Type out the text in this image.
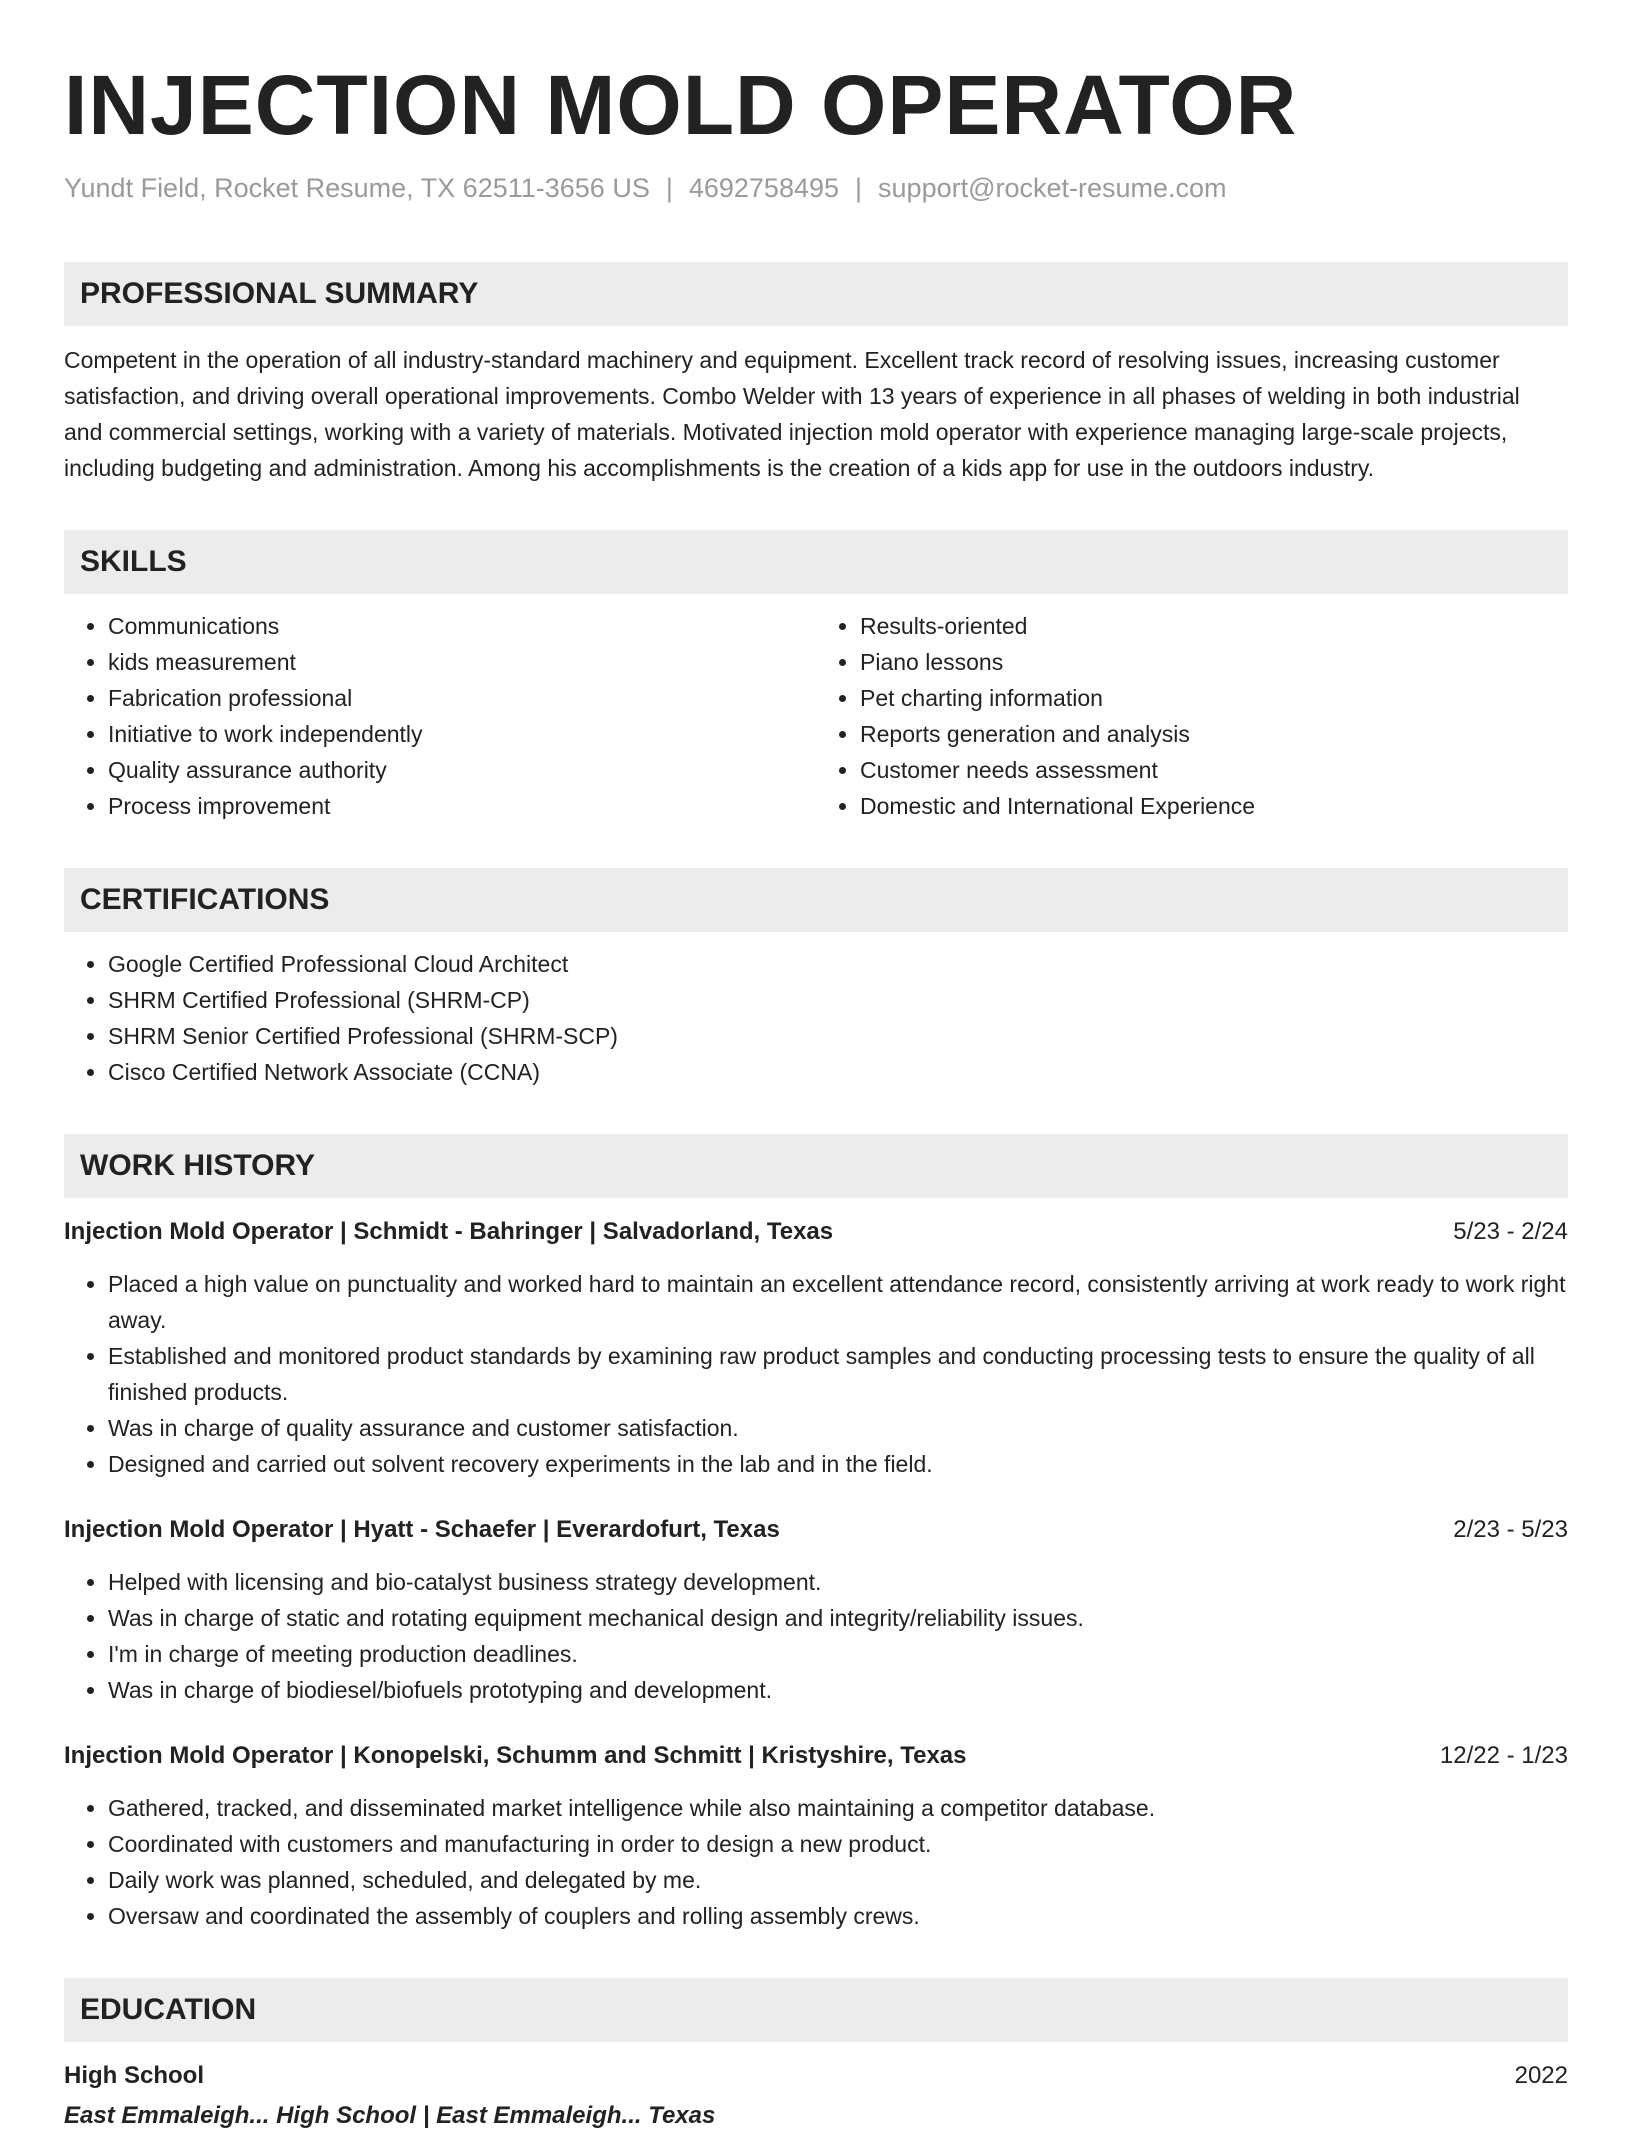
INJECTION MOLD OPERATOR
Yundt Field, Rocket Resume, TX 62511-3656 US | 4692758495 | support@rocket-resume.com
PROFESSIONAL SUMMARY
Competent in the operation of all industry-standard machinery and equipment. Excellent track record of resolving issues, increasing customer satisfaction, and driving overall operational improvements. Combo Welder with 13 years of experience in all phases of welding in both industrial and commercial settings, working with a variety of materials. Motivated injection mold operator with experience managing large-scale projects, including budgeting and administration. Among his accomplishments is the creation of a kids app for use in the outdoors industry.
SKILLS
• Communications
• kids measurement
• Fabrication professional
• Initiative to work independently
• Quality assurance authority
• Process improvement
• Results-oriented
• Piano lessons
• Pet charting information
• Reports generation and analysis
• Customer needs assessment
• Domestic and International Experience
CERTIFICATIONS
• Google Certified Professional Cloud Architect
• SHRM Certified Professional (SHRM-CP)
• SHRM Senior Certified Professional (SHRM-SCP)
• Cisco Certified Network Associate (CCNA)
WORK HISTORY
Injection Mold Operator | Schmidt - Bahringer | Salvadorland, Texas	5/23 - 2/24
• Placed a high value on punctuality and worked hard to maintain an excellent attendance record, consistently arriving at work ready to work right away.
• Established and monitored product standards by examining raw product samples and conducting processing tests to ensure the quality of all finished products.
• Was in charge of quality assurance and customer satisfaction.
• Designed and carried out solvent recovery experiments in the lab and in the field.
Injection Mold Operator | Hyatt - Schaefer | Everardofurt, Texas	2/23 - 5/23
• Helped with licensing and bio-catalyst business strategy development.
• Was in charge of static and rotating equipment mechanical design and integrity/reliability issues.
• I'm in charge of meeting production deadlines.
• Was in charge of biodiesel/biofuels prototyping and development.
Injection Mold Operator | Konopelski, Schumm and Schmitt | Kristyshire, Texas	12/22 - 1/23
• Gathered, tracked, and disseminated market intelligence while also maintaining a competitor database.
• Coordinated with customers and manufacturing in order to design a new product.
• Daily work was planned, scheduled, and delegated by me.
• Oversaw and coordinated the assembly of couplers and rolling assembly crews.
EDUCATION
High School	2022
East Emmaleigh... High School | East Emmaleigh... Texas
